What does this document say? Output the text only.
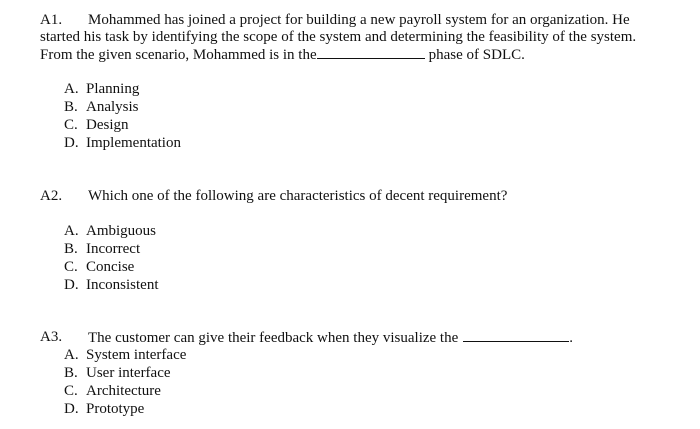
A1. Mohammed has joined a project for building a new payroll system for an organization. He
started his task by identifying the scope of the system and determining the feasibility of the system.
From the given scenario, Mohammed is in the	phase of SDLC.
A. Planning
B. Analysis
C. Design
D. Implementation
A2. Which one of the following are characteristics of decent requirement?
A. Ambiguous
B. Incorrect
C. Concise
D. Inconsistent
A3. The customer can give their feedback when they visualize the	.
A. System interface
B. User interface
C. Architecture
D. Prototype
